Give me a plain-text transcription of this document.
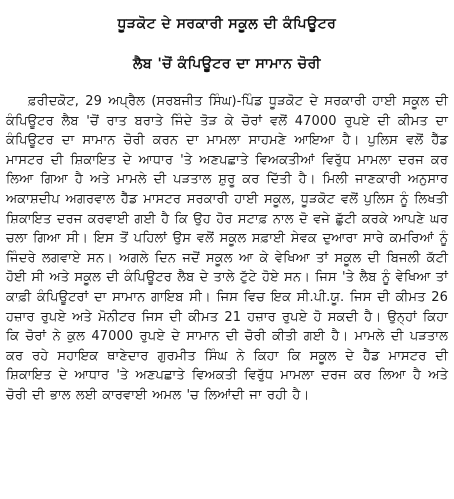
ਧੂੜਕੋਟ ਦੇ ਸਰਕਾਰੀ ਸਕੂਲ ਦੀ ਕੰਪਿਊਟਰ
ਲੈਬ 'ਚੋਂ ਕੰਪਿਊਟਰ ਦਾ ਸਾਮਾਨ ਚੋਰੀ
ਫ਼ਰੀਦਕੋਟ, 29 ਅਪ੍ਰੈਲ (ਸਰਬਜੀਤ ਸਿੰਘ)-ਪਿੰਡ ਧੂੜਕੋਟ ਦੇ ਸਰਕਾਰੀ ਹਾਈ ਸਕੂਲ ਦੀ ਕੰਪਿਊਟਰ ਲੈਬ 'ਚੋਂ ਰਾਤ ਬਰਾਤੇ ਜਿੰਦੇ ਤੋੜ ਕੇ ਚੋਰਾਂ ਵਲੋਂ 47000 ਰੁਪਏ ਦੀ ਕੀਮਤ ਦਾ ਕੰਪਿਊਟਰ ਦਾ ਸਾਮਾਨ ਚੋਰੀ ਕਰਨ ਦਾ ਮਾਮਲਾ ਸਾਹਮਣੇ ਆਇਆ ਹੈ। ਪੁਲਿਸ ਵਲੋਂ ਹੈੱਡ ਮਾਸਟਰ ਦੀ ਸ਼ਿਕਾਇਤ ਦੇ ਆਧਾਰ 'ਤੇ ਅਣਪਛਾਤੇ ਵਿਅਕਤੀਆਂ ਵਿਰੁੱਧ ਮਾਮਲਾ ਦਰਜ ਕਰ ਲਿਆ ਗਿਆ ਹੈ ਅਤੇ ਮਾਮਲੇ ਦੀ ਪੜਤਾਲ ਸ਼ੁਰੂ ਕਰ ਦਿੱਤੀ ਹੈ। ਮਿਲੀ ਜਾਣਕਾਰੀ ਅਨੁਸਾਰ ਅਕਾਸ਼ਦੀਪ ਅਗਰਵਾਲ ਹੈੱਡ ਮਾਸਟਰ ਸਰਕਾਰੀ ਹਾਈ ਸਕੂਲ, ਧੂੜਕੋਟ ਵਲੋਂ ਪੁਲਿਸ ਨੂੰ ਲਿਖਤੀ ਸ਼ਿਕਾਇਤ ਦਰਜ ਕਰਵਾਈ ਗਈ ਹੈ ਕਿ ਉਹ ਹੋਰ ਸਟਾਫ਼ ਨਾਲ ਦੋ ਵਜੇ ਛੁੱਟੀ ਕਰਕੇ ਆਪਣੇ ਘਰ ਚਲਾ ਗਿਆ ਸੀ। ਇਸ ਤੋਂ ਪਹਿਲਾਂ ਉਸ ਵਲੋਂ ਸਕੂਲ ਸਫ਼ਾਈ ਸੇਵਕ ਦੁਆਰਾ ਸਾਰੇ ਕਮਰਿਆਂ ਨੂੰ ਜਿੰਦਰੇ ਲਗਵਾਏ ਸਨ। ਅਗਲੇ ਦਿਨ ਜਦੋਂ ਸਕੂਲ ਆ ਕੇ ਵੇਖਿਆ ਤਾਂ ਸਕੂਲ ਦੀ ਬਿਜਲੀ ਕੱਟੀ ਹੋਈ ਸੀ ਅਤੇ ਸਕੂਲ ਦੀ ਕੰਪਿਊਟਰ ਲੈਬ ਦੇ ਤਾਲੇ ਟੁੱਟੇ ਹੋਏ ਸਨ। ਜਿਸ 'ਤੇ ਲੈਬ ਨੂੰ ਵੇਖਿਆ ਤਾਂ ਕਾਫ਼ੀ ਕੰਪਿਊਟਰਾਂ ਦਾ ਸਾਮਾਨ ਗਾਇਬ ਸੀ। ਜਿਸ ਵਿਚ ਇਕ ਸੀ.ਪੀ.ਯੂ. ਜਿਸ ਦੀ ਕੀਮਤ 26 ਹਜ਼ਾਰ ਰੁਪਏ ਅਤੇ ਮੋਨੀਟਰ ਜਿਸ ਦੀ ਕੀਮਤ 21 ਹਜ਼ਾਰ ਰੁਪਏ ਹੋ ਸਕਦੀ ਹੈ। ਉਨ੍ਹਾਂ ਕਿਹਾ ਕਿ ਚੋਰਾਂ ਨੇ ਕੁਲ 47000 ਰੁਪਏ ਦੇ ਸਾਮਾਨ ਦੀ ਚੋਰੀ ਕੀਤੀ ਗਈ ਹੈ। ਮਾਮਲੇ ਦੀ ਪੜਤਾਲ ਕਰ ਰਹੇ ਸਹਾਇਕ ਥਾਣੇਦਾਰ ਗੁਰਮੀਤ ਸਿੰਘ ਨੇ ਕਿਹਾ ਕਿ ਸਕੂਲ ਦੇ ਹੈੱਡ ਮਾਸਟਰ ਦੀ ਸ਼ਿਕਾਇਤ ਦੇ ਆਧਾਰ 'ਤੇ ਅਣਪਛਾਤੇ ਵਿਅਕਤੀ ਵਿਰੁੱਧ ਮਾਮਲਾ ਦਰਜ ਕਰ ਲਿਆ ਹੈ ਅਤੇ ਚੋਰੀ ਦੀ ਭਾਲ ਲਈ ਕਾਰਵਾਈ ਅਮਲ 'ਚ ਲਿਆਂਦੀ ਜਾ ਰਹੀ ਹੈ।
